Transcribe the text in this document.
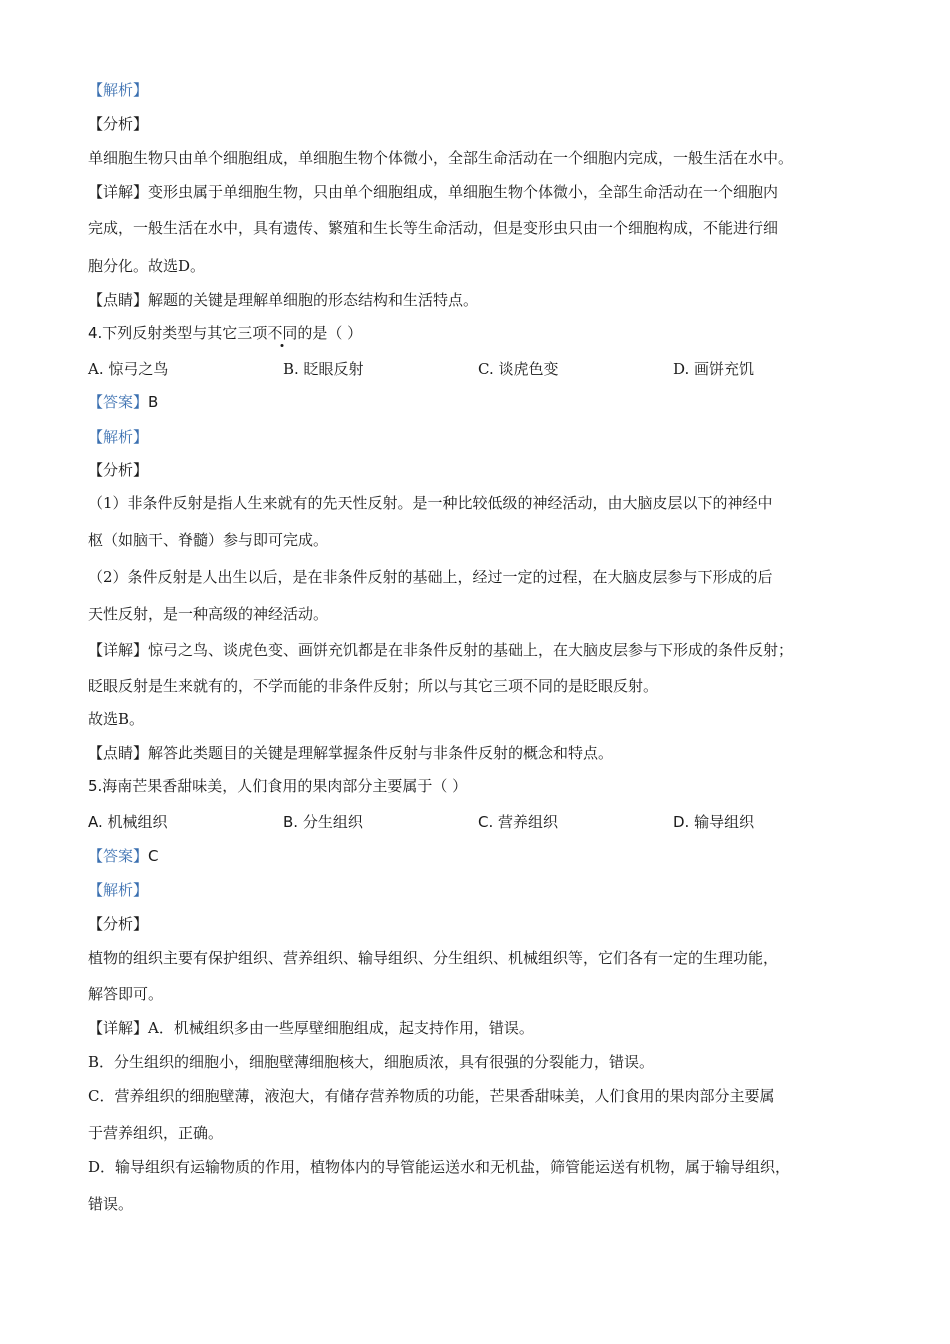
【解析】
【分析】
单细胞生物只由单个细胞组成，单细胞生物个体微小，全部生命活动在一个细胞内完成，一般生活在水中。
【详解】变形虫属于单细胞生物，只由单个细胞组成，单细胞生物个体微小，全部生命活动在一个细胞内
完成，一般生活在水中，具有遗传、繁殖和生长等生命活动，但是变形虫只由一个细胞构成，不能进行细
胞分化。故选D。
【点睛】解题的关键是理解单细胞的形态结构和生活特点。
4.下列反射类型与其它三项不同的是（ ）
A. 惊弓之鸟	B. 眨眼反射	C. 谈虎色变	D. 画饼充饥
【答案】B
【解析】
【分析】
（1）非条件反射是指人生来就有的先天性反射。是一种比较低级的神经活动，由大脑皮层以下的神经中
枢（如脑干、脊髓）参与即可完成。
（2）条件反射是人出生以后，是在非条件反射的基础上，经过一定的过程，在大脑皮层参与下形成的后
天性反射，是一种高级的神经活动。
【详解】惊弓之鸟、谈虎色变、画饼充饥都是在非条件反射的基础上，在大脑皮层参与下形成的条件反射；
眨眼反射是生来就有的，不学而能的非条件反射；所以与其它三项不同的是眨眼反射。
故选B。
【点睛】解答此类题目的关键是理解掌握条件反射与非条件反射的概念和特点。
5.海南芒果香甜味美，人们食用的果肉部分主要属于（ ）
A. 机械组织	B. 分生组织	C. 营养组织	D. 输导组织
【答案】C
【解析】
【分析】
植物的组织主要有保护组织、营养组织、输导组织、分生组织、机械组织等，它们各有一定的生理功能，
解答即可。
【详解】A．机械组织多由一些厚壁细胞组成，起支持作用，错误。
B．分生组织的细胞小，细胞壁薄细胞核大，细胞质浓，具有很强的分裂能力，错误。
C．营养组织的细胞壁薄，液泡大，有储存营养物质的功能，芒果香甜味美，人们食用的果肉部分主要属
于营养组织，正确。
D．输导组织有运输物质的作用，植物体内的导管能运送水和无机盐，筛管能运送有机物，属于输导组织，
错误。
